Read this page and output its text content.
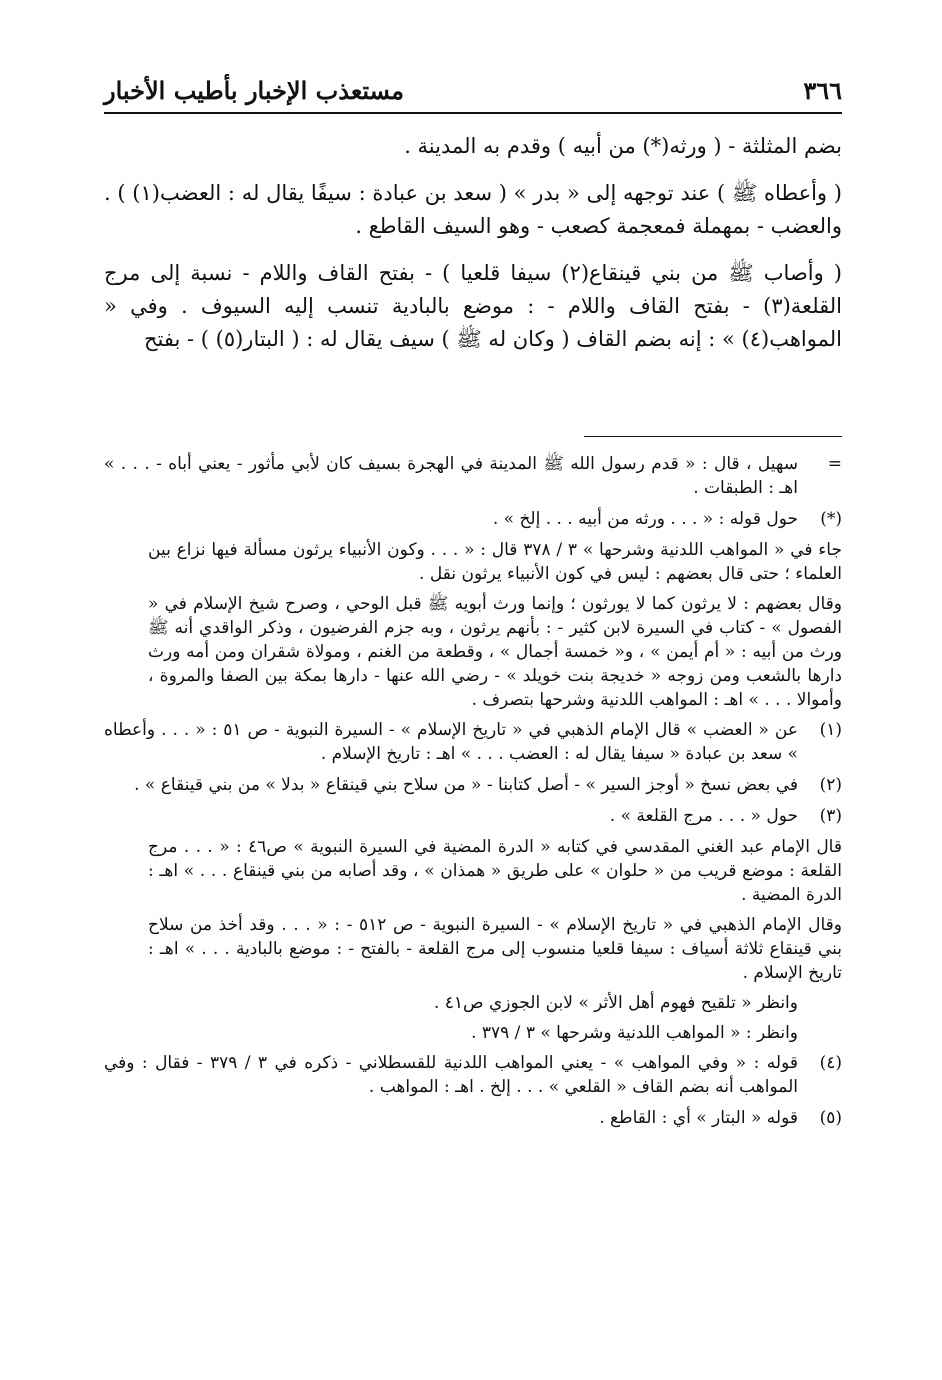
٣٦٦
مستعذب الإخبار بأطيب الأخبار

بضم المثلثة - ( ورثه(*) من أبيه ) وقدم به المدينة .

( وأعطاه ﷺ ) عند توجهه إلى « بدر » ( سعد بن عبادة : سيفًا يقال له : العضب(١) ) . والعضب - بمهملة فمعجمة كصعب - وهو السيف القاطع .

( وأصاب ﷺ من بني قينقاع(٢) سيفا قلعيا ) - بفتح القاف واللام - نسبة إلى مرج القلعة(٣) - بفتح القاف واللام - : موضع بالبادية تنسب إليه السيوف . وفي « المواهب(٤) » : إنه بضم القاف ( وكان له ﷺ ) سيف يقال له : ( البتار(٥) ) - بفتح

=

سهيل ، قال : « قدم رسول الله ﷺ المدينة في الهجرة بسيف كان لأبي مأثور - يعني أباه - . . . » اهـ : الطبقات .

(*)

حول قوله : « . . . ورثه من أبيه . . . إلخ » .

جاء في « المواهب اللدنية وشرحها » ٣ / ٣٧٨ قال : « . . . وكون الأنبياء يرثون مسألة فيها نزاع بين العلماء ؛ حتى قال بعضهم : ليس في كون الأنبياء يرثون نقل .

وقال بعضهم : لا يرثون كما لا يورثون ؛ وإنما ورث أبويه ﷺ قبل الوحي ، وصرح شيخ الإسلام في « الفصول » - كتاب في السيرة لابن كثير - : بأنهم يرثون ، وبه جزم الفرضيون ، وذكر الواقدي أنه ﷺ ورث من أبيه : « أم أيمن » ، و« خمسة أجمال » ، وقطعة من الغنم ، ومولاة شقران ومن أمه ورث دارها بالشعب ومن زوجه « خديجة بنت خويلد » - رضي الله عنها - دارها بمكة بين الصفا والمروة ، وأموالا . . . » اهـ : المواهب اللدنية وشرحها بتصرف .

(١)

عن « العضب » قال الإمام الذهبي في « تاريخ الإسلام » - السيرة النبوية - ص ٥١ : « . . . وأعطاه » سعد بن عبادة « سيفا يقال له : العضب . . . » اهـ : تاريخ الإسلام .

(٢)

في بعض نسخ « أوجز السير » - أصل كتابنا - « من سلاح بني قينقاع « بدلا » من بني قينقاع » .

(٣)

حول « . . . مرج القلعة » .

قال الإمام عبد الغني المقدسي في كتابه « الدرة المضية في السيرة النبوية » ص٤٦ : « . . . مرج القلعة : موضع قريب من « حلوان » على طريق « همذان » ، وقد أصابه من بني قينقاع . . . » اهـ : الدرة المضية .

وقال الإمام الذهبي في « تاريخ الإسلام » - السيرة النبوية - ص ٥١٢ - : « . . . وقد أخذ من سلاح بني قينقاع ثلاثة أسياف : سيفا قلعيا منسوب إلى مرج القلعة - بالفتح - : موضع بالبادية . . . » اهـ : تاريخ الإسلام .

وانظر « تلقيح فهوم أهل الأثر » لابن الجوزي ص٤١ .

وانظر : « المواهب اللدنية وشرحها » ٣ / ٣٧٩ .

(٤)

قوله : « وفي المواهب » - يعني المواهب اللدنية للقسطلاني - ذكره في ٣ / ٣٧٩ - فقال : وفي المواهب أنه بضم القاف « القلعي » . . . إلخ . اهـ : المواهب .

(٥)

قوله « البتار » أي : القاطع .
